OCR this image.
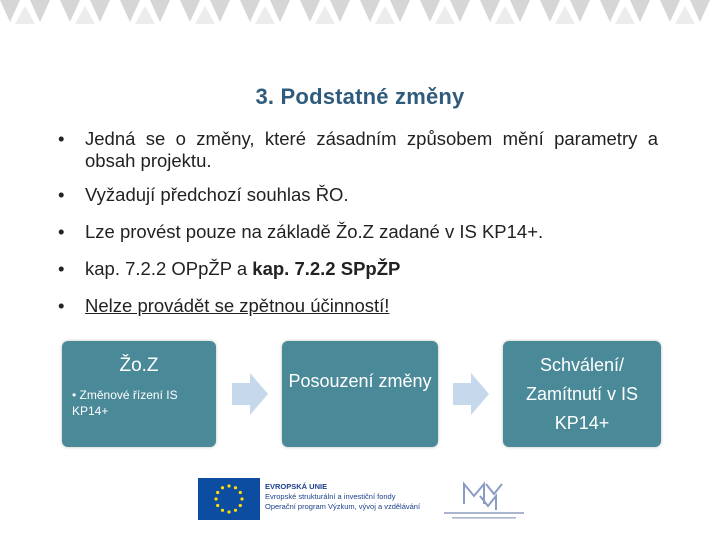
3. Podstatné změny
• Jedná se o změny, které zásadním způsobem mění parametry a obsah projektu.
• Vyžadují předchozí souhlas ŘO.
• Lze provést pouze na základě Žo.Z zadané v IS KP14+.
• kap. 7.2.2 OPpŽP a kap. 7.2.2 SPpŽP
• Nelze provádět se zpětnou účinností!
Žo.Z
• Změnové řízení IS KP14+
Posouzení změny
Schválení/
Zamítnutí v IS
KP14+
EVROPSKÁ UNIE
Evropské strukturální a investiční fondy
Operační program Výzkum, vývoj a vzdělávání
